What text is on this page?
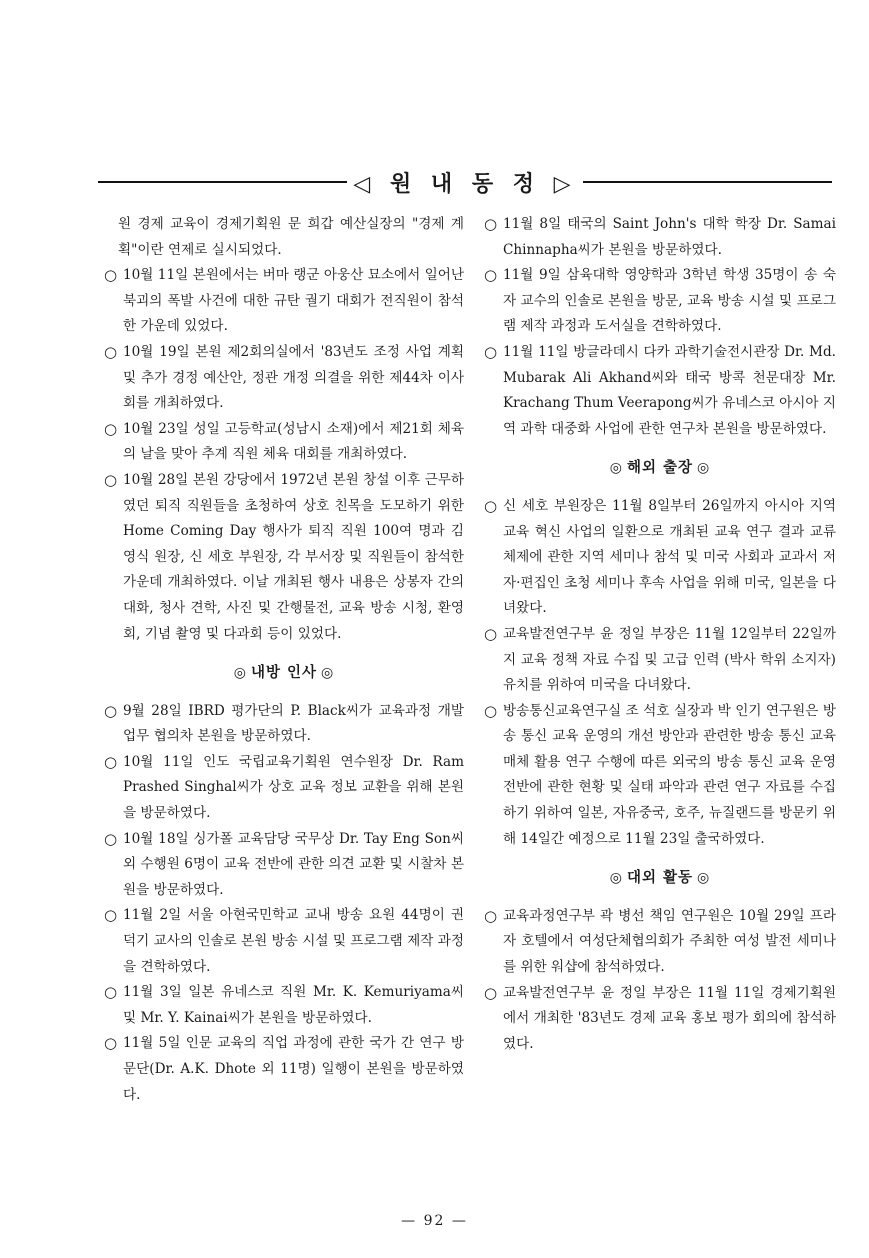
◁ 원 내 동 정 ▷

원 경제 교육이 경제기획원 문 희갑 예산실장의 "경제 계획"이란 연제로 실시되었다.

○ 10월 11일 본원에서는 버마 랭군 아웅산 묘소에서 일어난 북괴의 폭발 사건에 대한 규탄 궐기 대회가 전직원이 참석한 가운데 있었다.

○ 10월 19일 본원 제2회의실에서 '83년도 조정 사업 계획 및 추가 경정 예산안, 정관 개정 의결을 위한 제44차 이사회를 개최하였다.

○ 10월 23일 성일 고등학교(성남시 소재)에서 제21회 체육의 날을 맞아 추계 직원 체육 대회를 개최하였다.

○ 10월 28일 본원 강당에서 1972년 본원 창설 이후 근무하였던 퇴직 직원들을 초청하여 상호 친목을 도모하기 위한 Home Coming Day 행사가 퇴직 직원 100여 명과 김 영식 원장, 신 세호 부원장, 각 부서장 및 직원들이 참석한 가운데 개최하였다. 이날 개최된 행사 내용은 상봉자 간의 대화, 청사 견학, 사진 및 간행물전, 교육 방송 시청, 환영회, 기념 촬영 및 다과회 등이 있었다.

◎ 내방 인사 ◎

○ 9월 28일 IBRD 평가단의 P. Black씨가 교육과정 개발 업무 협의차 본원을 방문하였다.

○ 10월 11일 인도 국립교육기획원 연수원장 Dr. Ram Prashed Singhal씨가 상호 교육 정보 교환을 위해 본원을 방문하였다.

○ 10월 18일 싱가폴 교육담당 국무상 Dr. Tay Eng Son씨 외 수행원 6명이 교육 전반에 관한 의견 교환 및 시찰차 본원을 방문하였다.

○ 11월 2일 서울 아현국민학교 교내 방송 요원 44명이 권 덕기 교사의 인솔로 본원 방송 시설 및 프로그램 제작 과정을 견학하였다.

○ 11월 3일 일본 유네스코 직원 Mr. K. Kemuriyama씨 및 Mr. Y. Kainai씨가 본원을 방문하였다.

○ 11월 5일 인문 교육의 직업 과정에 관한 국가 간 연구 방문단(Dr. A.K. Dhote 외 11명) 일행이 본원을 방문하였다.

○ 11월 8일 태국의 Saint John's 대학 학장 Dr. Samai Chinnapha씨가 본원을 방문하였다.

○ 11월 9일 삼육대학 영양학과 3학년 학생 35명이 송 숙자 교수의 인솔로 본원을 방문, 교육 방송 시설 및 프로그램 제작 과정과 도서실을 견학하였다.

○ 11월 11일 방글라데시 다카 과학기술전시관장 Dr. Md. Mubarak Ali Akhand씨와 태국 방콕 천문대장 Mr. Krachang Thum Veerapong씨가 유네스코 아시아 지역 과학 대중화 사업에 관한 연구차 본원을 방문하였다.

◎ 해외 출장 ◎

○ 신 세호 부원장은 11월 8일부터 26일까지 아시아 지역 교육 혁신 사업의 일환으로 개최된 교육 연구 결과 교류 체제에 관한 지역 세미나 참석 및 미국 사회과 교과서 저자·편집인 초청 세미나 후속 사업을 위해 미국, 일본을 다녀왔다.

○ 교육발전연구부 윤 정일 부장은 11월 12일부터 22일까지 교육 정책 자료 수집 및 고급 인력 (박사 학위 소지자) 유치를 위하여 미국을 다녀왔다.

○ 방송통신교육연구실 조 석호 실장과 박 인기 연구원은 방송 통신 교육 운영의 개선 방안과 관련한 방송 통신 교육 매체 활용 연구 수행에 따른 외국의 방송 통신 교육 운영 전반에 관한 현황 및 실태 파악과 관련 연구 자료를 수집하기 위하여 일본, 자유중국, 호주, 뉴질랜드를 방문키 위해 14일간 예정으로 11월 23일 출국하였다.

◎ 대외 활동 ◎

○ 교육과정연구부 곽 병선 책임 연구원은 10월 29일 프라자 호텔에서 여성단체협의회가 주최한 여성 발전 세미나를 위한 워샵에 참석하였다.

○ 교육발전연구부 윤 정일 부장은 11월 11일 경제기획원에서 개최한 '83년도 경제 교육 홍보 평가 회의에 참석하였다.

— 92 —
